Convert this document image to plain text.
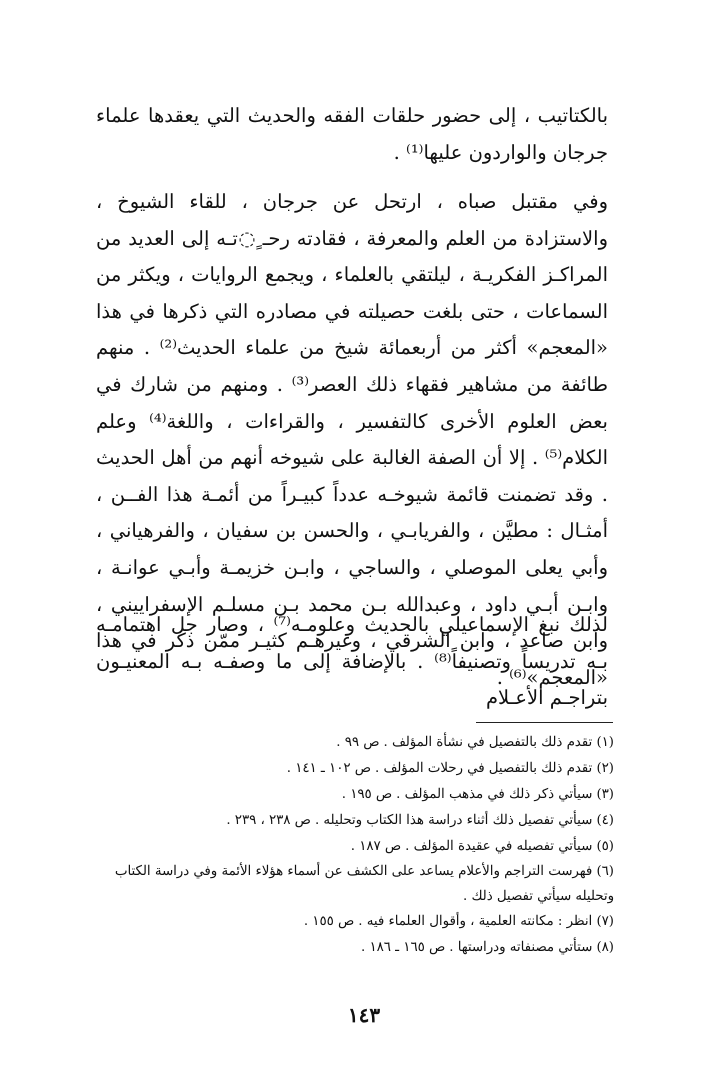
بالكتاتيب ، إلى حضور حلقات الفقه والحديث التي يعقدها علماء جرجان والواردون عليها⁽¹⁾ .

وفي مقتبل صباه ، ارتحل عن جرجان ، للقاء الشيوخ ، والاستزادة من العلم والمعرفة ، فقادته رحـ ٍ◌تـه إلى العديد من المراكـز الفكريـة ، ليلتقي بالعلماء ، ويجمع الروايات ، ويكثر من السماعات ، حتى بلغت حصيلته في مصادره التي ذكرها في هذا «المعجم» أكثر من أربعمائة شيخ من علماء الحديث⁽²⁾ . منهم طائفة من مشاهير فقهاء ذلك العصر⁽³⁾ . ومنهم من شارك في بعض العلوم الأخرى كالتفسير ، والقراءات ، واللغة⁽⁴⁾ وعلم الكلام⁽⁵⁾ . إلا أن الصفة الغالبة على شيوخه أنهم من أهل الحديث . وقد تضمنت قائمة شيوخـه عدداً كبيـراً من أئمـة هذا الفــن ، أمثـال : مطيَّن ، والفريابـي ، والحسن بن سفيان ، والفرهياني ، وأبي يعلى الموصلي ، والساجي ، وابـن خزيمـة وأبـي عوانـة ، وابـن أبـي داود ، وعبدالله بـن محمد بـن مسلـم الإسفراييني ، وابن صاعد ، وابن الشرقي ، وغيرهـم كثيـر ممّن ذكر في هذا «المعجم»⁽⁶⁾ .

لذلك نبغ الإسماعيلي بالحديث وعلومـه⁽⁷⁾ ، وصار جل اهتمامـه بـه تدريساً وتصنيفاً⁽⁸⁾ . بالإضافة إلى ما وصفـه بـه المعنيـون بتراجـم الأعـلام

(١) تقدم ذلك بالتفصيل في نشأة المؤلف . ص ٩٩ .

(٢) تقدم ذلك بالتفصيل في رحلات المؤلف . ص ١٠٢ ـ ١٤١ .

(٣) سيأتي ذكر ذلك في مذهب المؤلف . ص ١٩٥ .

(٤) سيأتي تفصيل ذلك أثناء دراسة هذا الكتاب وتحليله . ص ٢٣٨ ، ٢٣٩ .

(٥) سيأتي تفصيله في عقيدة المؤلف . ص ١٨٧ .

(٦) فهرست التراجم والأعلام يساعد على الكشف عن أسماء هؤلاء الأئمة وفي دراسة الكتاب وتحليله سيأتي تفصيل ذلك .

(٧) انظر : مكانته العلمية ، وأقوال العلماء فيه . ص ١٥٥ .

(٨) ستأتي مصنفاته ودراستها . ص ١٦٥ ـ ١٨٦ .

١٤٣
